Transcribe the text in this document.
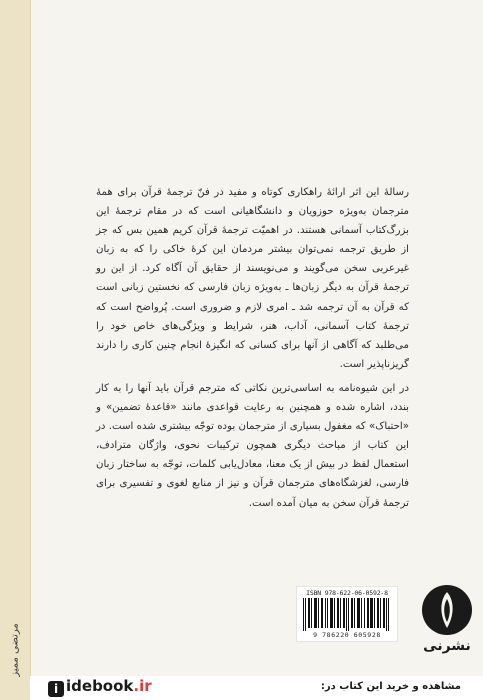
مرتضی ممیز

رسالهٔ این اثر ارائهٔ راهکاری کوتاه و مفید در فنّ ترجمهٔ قرآن برای همهٔ مترجمان به‌ویژه حوزویان و دانشگاهیانی است که در مقام ترجمهٔ این بزرگ‌کتاب آسمانی هستند. در اهمیّت ترجمهٔ قرآن کریم همین بس که جز از طریق ترجمه نمی‌توان بیشتر مردمان این کرهٔ خاکی را که به زبان غیرعربی سخن می‌گویند و می‌نویسند از حقایق آن آگاه کرد. از این رو ترجمهٔ قرآن به دیگر زبان‌ها ـ به‌ویژه زبان فارسی که نخستین زبانی است که قرآن به آن ترجمه شد ـ امری لازم و ضروری است. پُرواضح است که ترجمهٔ کتاب آسمانی، آداب، هنر، شرایط و ویژگی‌های خاص خود را می‌طلبد که آگاهی از آنها برای کسانی که انگیزهٔ انجام چنین کاری را دارند گریزناپذیر است.

در این شیوه‌نامه به اساسی‌ترین نکاتی که مترجم قرآن باید آنها را به کار بندد، اشاره شده و همچنین به رعایت قواعدی مانند «قاعدهٔ تضمین» و «احتباک» که مغفول بسیاری از مترجمان بوده توجّه بیشتری شده است. در این کتاب از مباحث دیگری همچون ترکیبات نحوی، واژگان مترادف، استعمال لفظ در بیش از یک معنا، معادل‌یابی کلمات، توجّه به ساختار زبان فارسی، لغزشگاه‌های مترجمان قرآن و نیز از منابع لغوی و تفسیری برای ترجمهٔ قرآن سخن به میان آمده است.

ISBN 978-622-06-0592-8
9 786220 605928
نشرنی
i idebook.ir	مشاهده و خرید این کتاب در:
